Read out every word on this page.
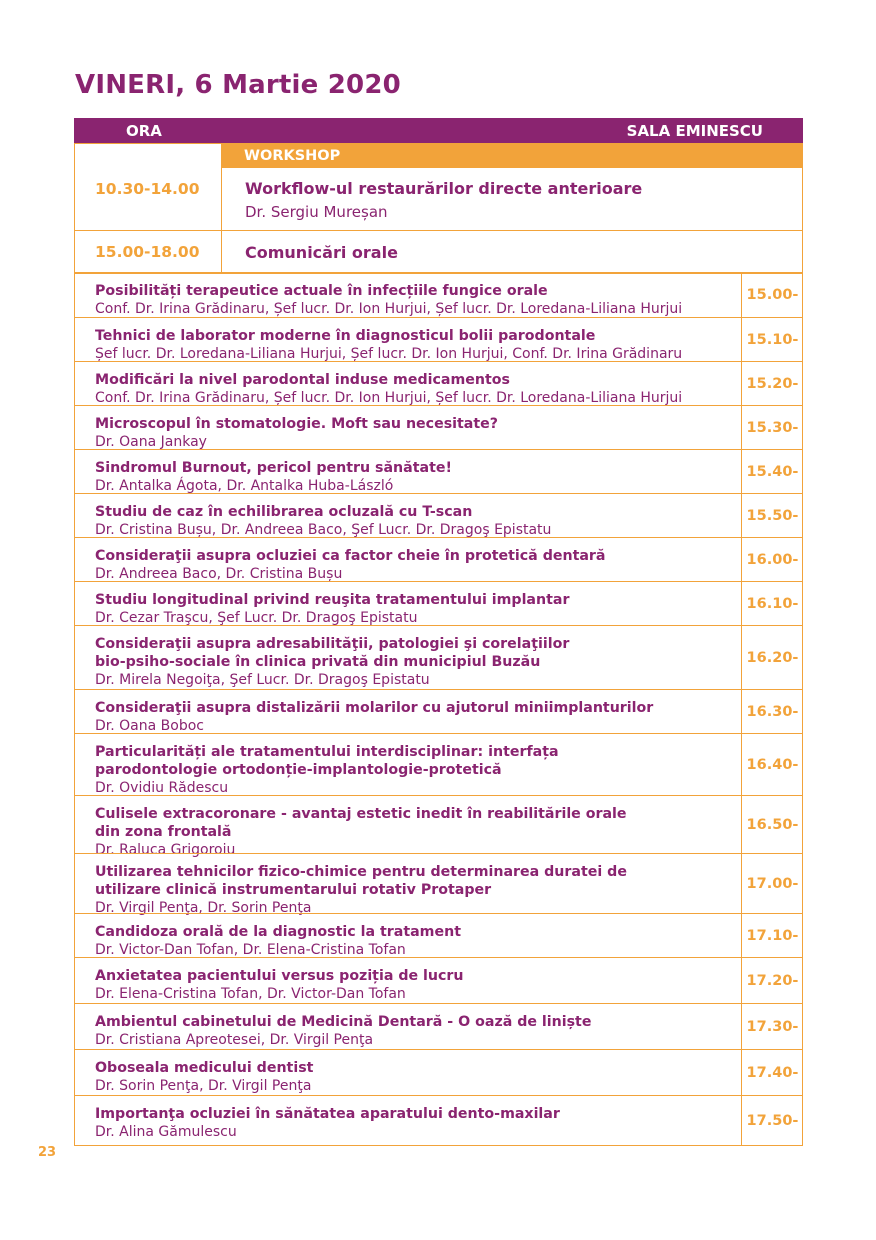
VINERI, 6 Martie 2020
ORA	SALA EMINESCU
10.30-14.00
WORKSHOP
Workflow-ul restaurărilor directe anterioare
Dr. Sergiu Mureșan
15.00-18.00	Comunicări orale
Posibilități terapeutice actuale în infecțiile fungice orale
Conf. Dr. Irina Grădinaru, Șef lucr. Dr. Ion Hurjui, Șef lucr. Dr. Loredana-Liliana Hurjui
15.00-
Tehnici de laborator moderne în diagnosticul bolii parodontale
Șef lucr. Dr. Loredana-Liliana Hurjui, Șef lucr. Dr. Ion Hurjui, Conf. Dr. Irina Grădinaru
15.10-
Modificări la nivel parodontal induse medicamentos
Conf. Dr. Irina Grădinaru, Șef lucr. Dr. Ion Hurjui, Șef lucr. Dr. Loredana-Liliana Hurjui
15.20-
Microscopul în stomatologie. Moft sau necesitate?
Dr. Oana Jankay
15.30-
Sindromul Burnout, pericol pentru sănătate!
Dr. Antalka Ágota, Dr. Antalka Huba-László
15.40-
Studiu de caz în echilibrarea ocluzală cu T-scan
Dr. Cristina Bușu, Dr. Andreea Baco, Şef Lucr. Dr. Dragoş Epistatu
15.50-
Consideraţii asupra ocluziei ca factor cheie în protetică dentară
Dr. Andreea Baco, Dr. Cristina Bușu
16.00-
Studiu longitudinal privind reuşita tratamentului implantar
Dr. Cezar Traşcu, Şef Lucr. Dr. Dragoş Epistatu
16.10-
Consideraţii asupra adresabilităţii, patologiei şi corelaţiilor
bio-psiho-sociale în clinica privată din municipiul Buzău
Dr. Mirela Negoiţa, Şef Lucr. Dr. Dragoş Epistatu
16.20-
Consideraţii asupra distalizării molarilor cu ajutorul miniimplanturilor
Dr. Oana Boboc
16.30-
Particularități ale tratamentului interdisciplinar: interfața
parodontologie ortodonție-implantologie-protetică
Dr. Ovidiu Rădescu
16.40-
Culisele extracoronare - avantaj estetic inedit în reabilitările orale
din zona frontală
Dr. Raluca Grigoroiu
16.50-
Utilizarea tehnicilor fizico-chimice pentru determinarea duratei de
utilizare clinică instrumentarului rotativ Protaper
Dr. Virgil Penţa, Dr. Sorin Penţa
17.00-
Candidoza orală de la diagnostic la tratament
Dr. Victor-Dan Tofan, Dr. Elena-Cristina Tofan
17.10-
Anxietatea pacientului versus poziția de lucru
Dr. Elena-Cristina Tofan, Dr. Victor-Dan Tofan
17.20-
Ambientul cabinetului de Medicină Dentară - O oază de liniște
Dr. Cristiana Apreotesei, Dr. Virgil Penţa
17.30-
Oboseala medicului dentist
Dr. Sorin Penţa, Dr. Virgil Penţa
17.40-
Importanţa ocluziei în sănătatea aparatului dento-maxilar
Dr. Alina Gămulescu
17.50-
23
